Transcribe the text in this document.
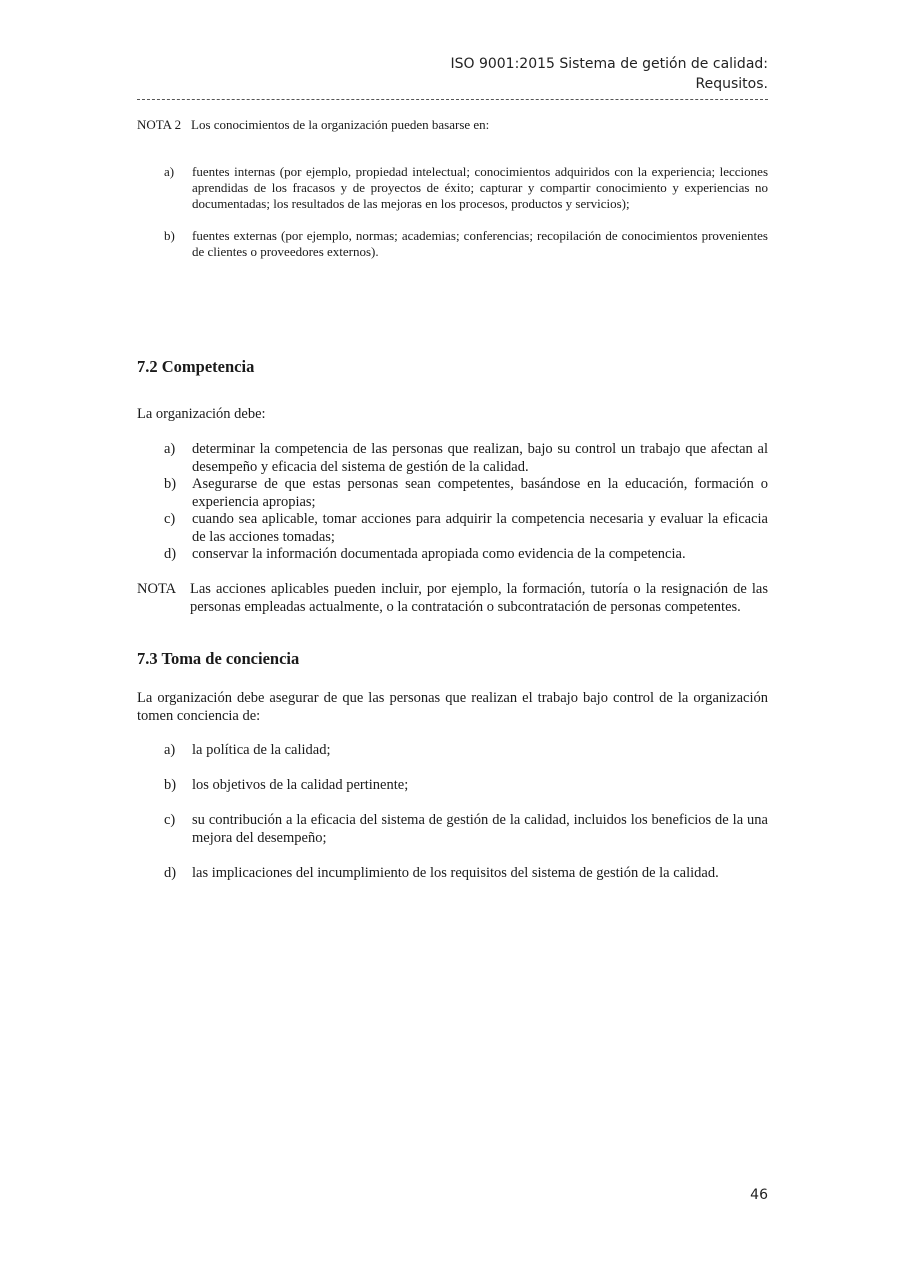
ISO 9001:2015 Sistema de getión de calidad:
Requsitos.
NOTA 2 Los conocimientos de la organización pueden basarse en:
a) fuentes internas (por ejemplo, propiedad intelectual; conocimientos adquiridos con la experiencia; lecciones aprendidas de los fracasos y de proyectos de éxito; capturar y compartir conocimiento y experiencias no documentadas; los resultados de las mejoras en los procesos, productos y servicios);
b) fuentes externas (por ejemplo, normas; academias; conferencias; recopilación de conocimientos provenientes de clientes o proveedores externos).
7.2 Competencia
La organización debe:
a) determinar la competencia de las personas que realizan, bajo su control un trabajo que afectan al desempeño y eficacia del sistema de gestión de la calidad.
b) Asegurarse de que estas personas sean competentes, basándose en la educación, formación o experiencia apropias;
c) cuando sea aplicable, tomar acciones para adquirir la competencia necesaria y evaluar la eficacia de las acciones tomadas;
d) conservar la información documentada apropiada como evidencia de la competencia.
NOTA Las acciones aplicables pueden incluir, por ejemplo, la formación, tutoría o la resignación de las personas empleadas actualmente, o la contratación o subcontratación de personas competentes.
7.3 Toma de conciencia
La organización debe asegurar de que las personas que realizan el trabajo bajo control de la organización tomen conciencia de:
a) la política de la calidad;
b) los objetivos de la calidad pertinente;
c) su contribución a la eficacia del sistema de gestión de la calidad, incluidos los beneficios de la una mejora del desempeño;
d) las implicaciones del incumplimiento de los requisitos del sistema de gestión de la calidad.
46
